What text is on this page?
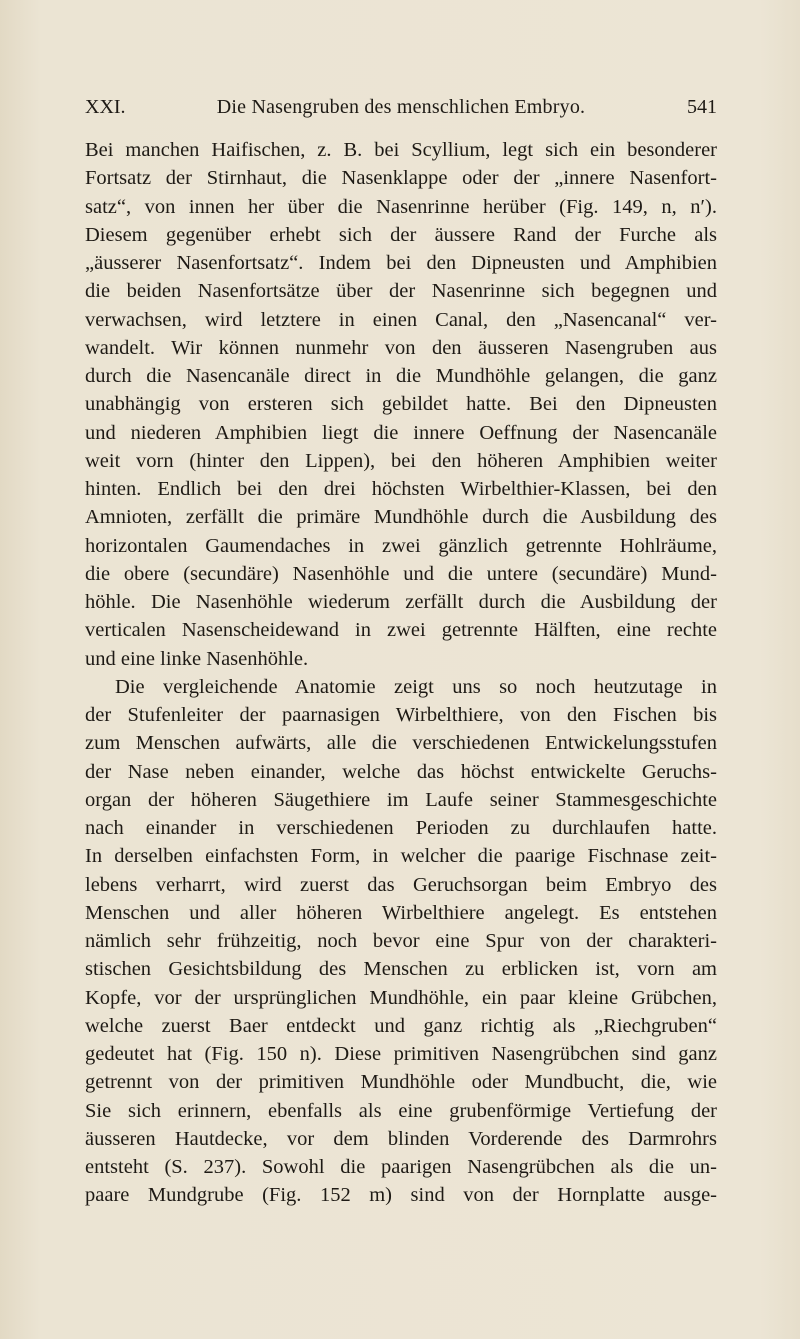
XXI.	Die Nasengruben des menschlichen Embryo.	541
Bei manchen Haifischen, z. B. bei Scyllium, legt sich ein besonderer
Fortsatz der Stirnhaut, die Nasenklappe oder der „innere Nasenfort-
satz“, von innen her über die Nasenrinne herüber (Fig. 149, n, n′).
Diesem gegenüber erhebt sich der äussere Rand der Furche als
„äusserer Nasenfortsatz“. Indem bei den Dipneusten und Amphibien
die beiden Nasenfortsätze über der Nasenrinne sich begegnen und
verwachsen, wird letztere in einen Canal, den „Nasencanal“ ver-
wandelt. Wir können nunmehr von den äusseren Nasengruben aus
durch die Nasencanäle direct in die Mundhöhle gelangen, die ganz
unabhängig von ersteren sich gebildet hatte. Bei den Dipneusten
und niederen Amphibien liegt die innere Oeffnung der Nasencanäle
weit vorn (hinter den Lippen), bei den höheren Amphibien weiter
hinten. Endlich bei den drei höchsten Wirbelthier-Klassen, bei den
Amnioten, zerfällt die primäre Mundhöhle durch die Ausbildung des
horizontalen Gaumendaches in zwei gänzlich getrennte Hohlräume,
die obere (secundäre) Nasenhöhle und die untere (secundäre) Mund-
höhle. Die Nasenhöhle wiederum zerfällt durch die Ausbildung der
verticalen Nasenscheidewand in zwei getrennte Hälften, eine rechte
und eine linke Nasenhöhle.
Die vergleichende Anatomie zeigt uns so noch heutzutage in
der Stufenleiter der paarnasigen Wirbelthiere, von den Fischen bis
zum Menschen aufwärts, alle die verschiedenen Entwickelungsstufen
der Nase neben einander, welche das höchst entwickelte Geruchs-
organ der höheren Säugethiere im Laufe seiner Stammesgeschichte
nach einander in verschiedenen Perioden zu durchlaufen hatte.
In derselben einfachsten Form, in welcher die paarige Fischnase zeit-
lebens verharrt, wird zuerst das Geruchsorgan beim Embryo des
Menschen und aller höheren Wirbelthiere angelegt. Es entstehen
nämlich sehr frühzeitig, noch bevor eine Spur von der charakteri-
stischen Gesichtsbildung des Menschen zu erblicken ist, vorn am
Kopfe, vor der ursprünglichen Mundhöhle, ein paar kleine Grübchen,
welche zuerst Baer entdeckt und ganz richtig als „Riechgruben“
gedeutet hat (Fig. 150 n). Diese primitiven Nasengrübchen sind ganz
getrennt von der primitiven Mundhöhle oder Mundbucht, die, wie
Sie sich erinnern, ebenfalls als eine grubenförmige Vertiefung der
äusseren Hautdecke, vor dem blinden Vorderende des Darmrohrs
entsteht (S. 237). Sowohl die paarigen Nasengrübchen als die un-
paare Mundgrube (Fig. 152 m) sind von der Hornplatte ausge-
